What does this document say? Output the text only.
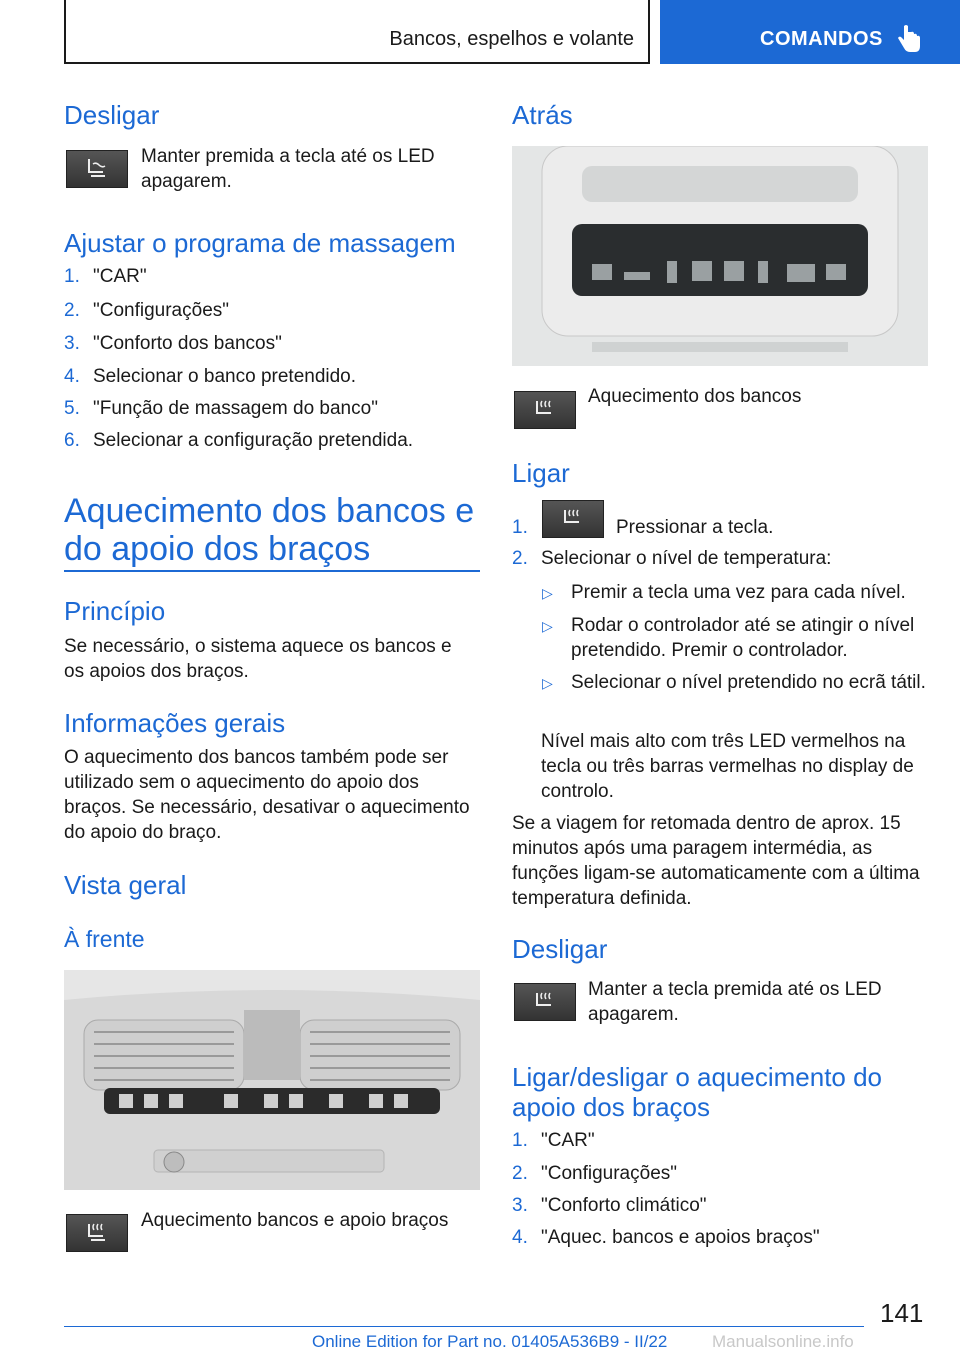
Bancos, espelhos e volante	COMANDOS
Desligar
Manter premida a tecla até os LED apagarem.
Ajustar o programa de massagem
1. "CAR"
2. "Configurações"
3. "Conforto dos bancos"
4. Selecionar o banco pretendido.
5. "Função de massagem do banco"
6. Selecionar a configuração pretendida.
Aquecimento dos bancos e
do apoio dos braços
Princípio
Se necessário, o sistema aquece os bancos e os apoios dos braços.
Informações gerais
O aquecimento dos bancos também pode ser utilizado sem o aquecimento do apoio dos braços. Se necessário, desativar o aquecimento do apoio do braço.
Vista geral
À frente
Aquecimento bancos e apoio braços
Atrás
Aquecimento dos bancos
Ligar
1.	Pressionar a tecla.
2. Selecionar o nível de temperatura:
▷ Premir a tecla uma vez para cada nível.
▷ Rodar o controlador até se atingir o nível pretendido. Premir o controlador.
▷ Selecionar o nível pretendido no ecrã tátil.
Nível mais alto com três LED vermelhos na tecla ou três barras vermelhas no display de controlo.
Se a viagem for retomada dentro de aprox. 15 minutos após uma paragem intermédia, as funções ligam-se automaticamente com a última temperatura definida.
Desligar
Manter a tecla premida até os LED apagarem.
Ligar/desligar o aquecimento do
apoio dos braços
1. "CAR"
2. "Configurações"
3. "Conforto climático"
4. "Aquec. bancos e apoios braços"
141
Online Edition for Part no. 01405A536B9 - II/22	Manualsonline.info
